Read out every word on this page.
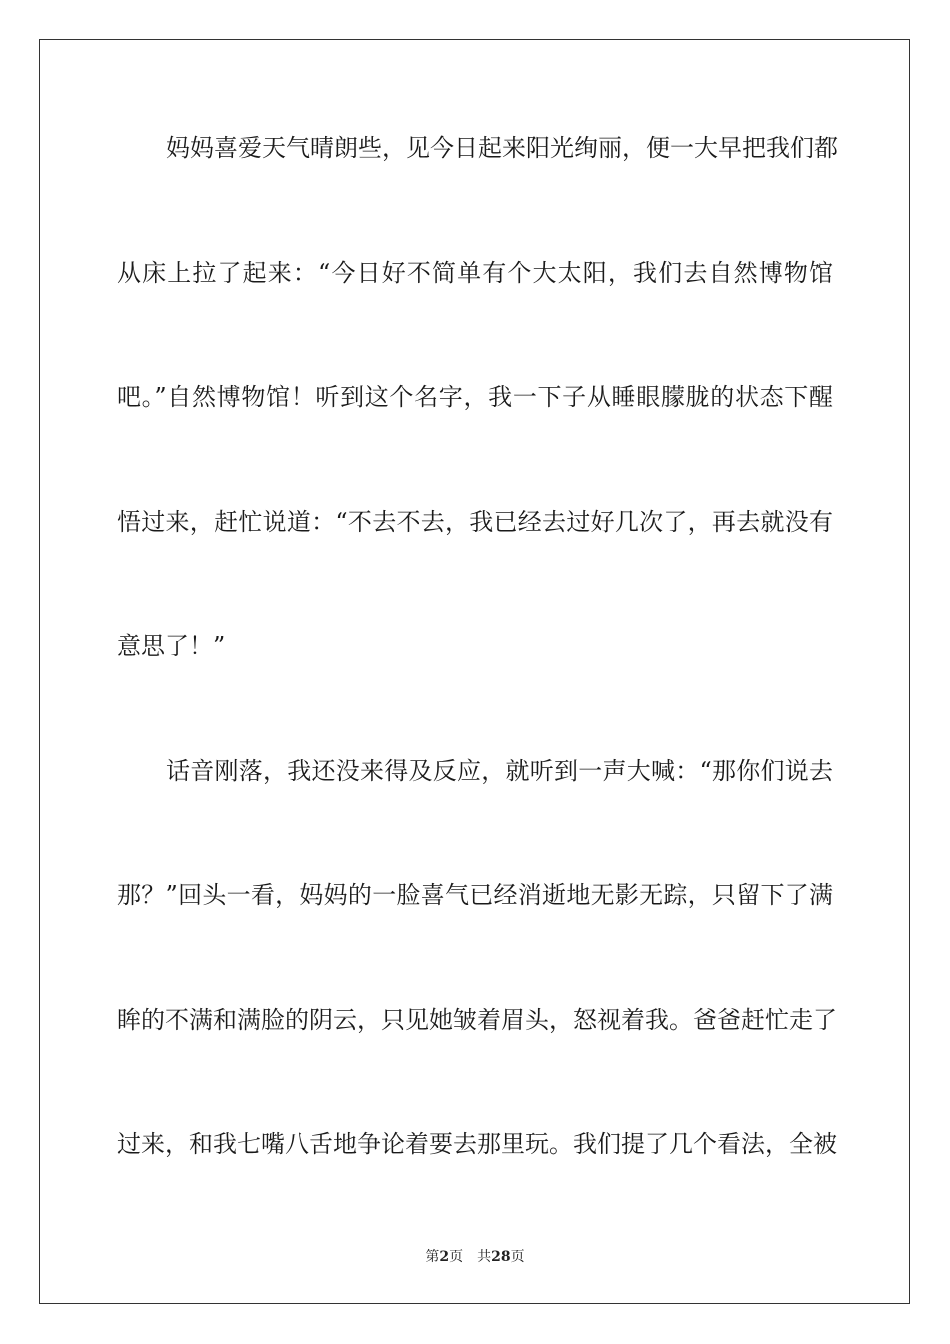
妈妈喜爱天气晴朗些，见今日起来阳光绚丽，便一大早把我们都
从床上拉了起来：“今日好不简单有个大太阳，我们去自然博物馆
吧。”自然博物馆！听到这个名字，我一下子从睡眼朦胧的状态下醒
悟过来，赶忙说道：“不去不去，我已经去过好几次了，再去就没有
意思了！”
话音刚落，我还没来得及反应，就听到一声大喊：“那你们说去
那？”回头一看，妈妈的一脸喜气已经消逝地无影无踪，只留下了满
眸的不满和满脸的阴云，只见她皱着眉头，怒视着我。爸爸赶忙走了
过来，和我七嘴八舌地争论着要去那里玩。我们提了几个看法，全被
第2页 共28页
